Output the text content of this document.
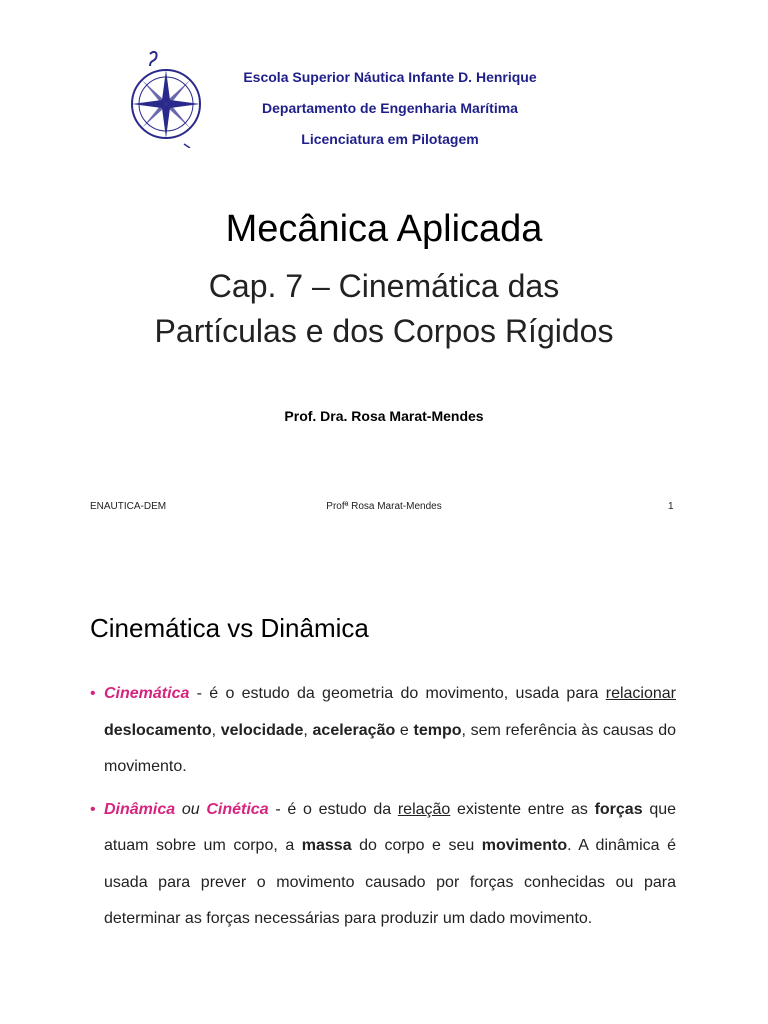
Escola Superior Náutica Infante D. Henrique
Departamento de Engenharia Marítima
Licenciatura em Pilotagem
Mecânica Aplicada
Cap. 7 – Cinemática das
Partículas e dos Corpos Rígidos
Prof. Dra. Rosa Marat-Mendes
ENAUTICA-DEM	Profª Rosa Marat-Mendes	1
Cinemática vs Dinâmica
• Cinemática - é o estudo da geometria do movimento, usada para relacionar deslocamento, velocidade, aceleração e tempo, sem referência às causas do movimento.
• Dinâmica ou Cinética - é o estudo da relação existente entre as forças que atuam sobre um corpo, a massa do corpo e seu movimento. A dinâmica é usada para prever o movimento causado por forças conhecidas ou para determinar as forças necessárias para produzir um dado movimento.
